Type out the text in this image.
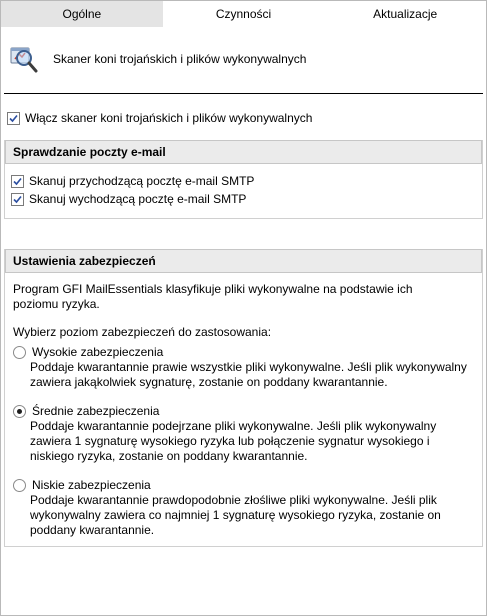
Ogólne	Czynności	Aktualizacje
Skaner koni trojańskich i plików wykonywalnych
Włącz skaner koni trojańskich i plików wykonywalnych
Sprawdzanie poczty e-mail
Skanuj przychodzącą pocztę e-mail SMTP
Skanuj wychodzącą pocztę e-mail SMTP
Ustawienia zabezpieczeń

Program GFI MailEssentials klasyfikuje pliki wykonywalne na podstawie ich poziomu ryzyka.

Wybierz poziom zabezpieczeń do zastosowania:

Wysokie zabezpieczenia
Poddaje kwarantannie prawie wszystkie pliki wykonywalne. Jeśli plik wykonywalny zawiera jakąkolwiek sygnaturę, zostanie on poddany kwarantannie.
Średnie zabezpieczenia
Poddaje kwarantannie podejrzane pliki wykonywalne. Jeśli plik wykonywalny zawiera 1 sygnaturę wysokiego ryzyka lub połączenie sygnatur wysokiego i niskiego ryzyka, zostanie on poddany kwarantannie.
Niskie zabezpieczenia
Poddaje kwarantannie prawdopodobnie złośliwe pliki wykonywalne. Jeśli plik wykonywalny zawiera co najmniej 1 sygnaturę wysokiego ryzyka, zostanie on poddany kwarantannie.
